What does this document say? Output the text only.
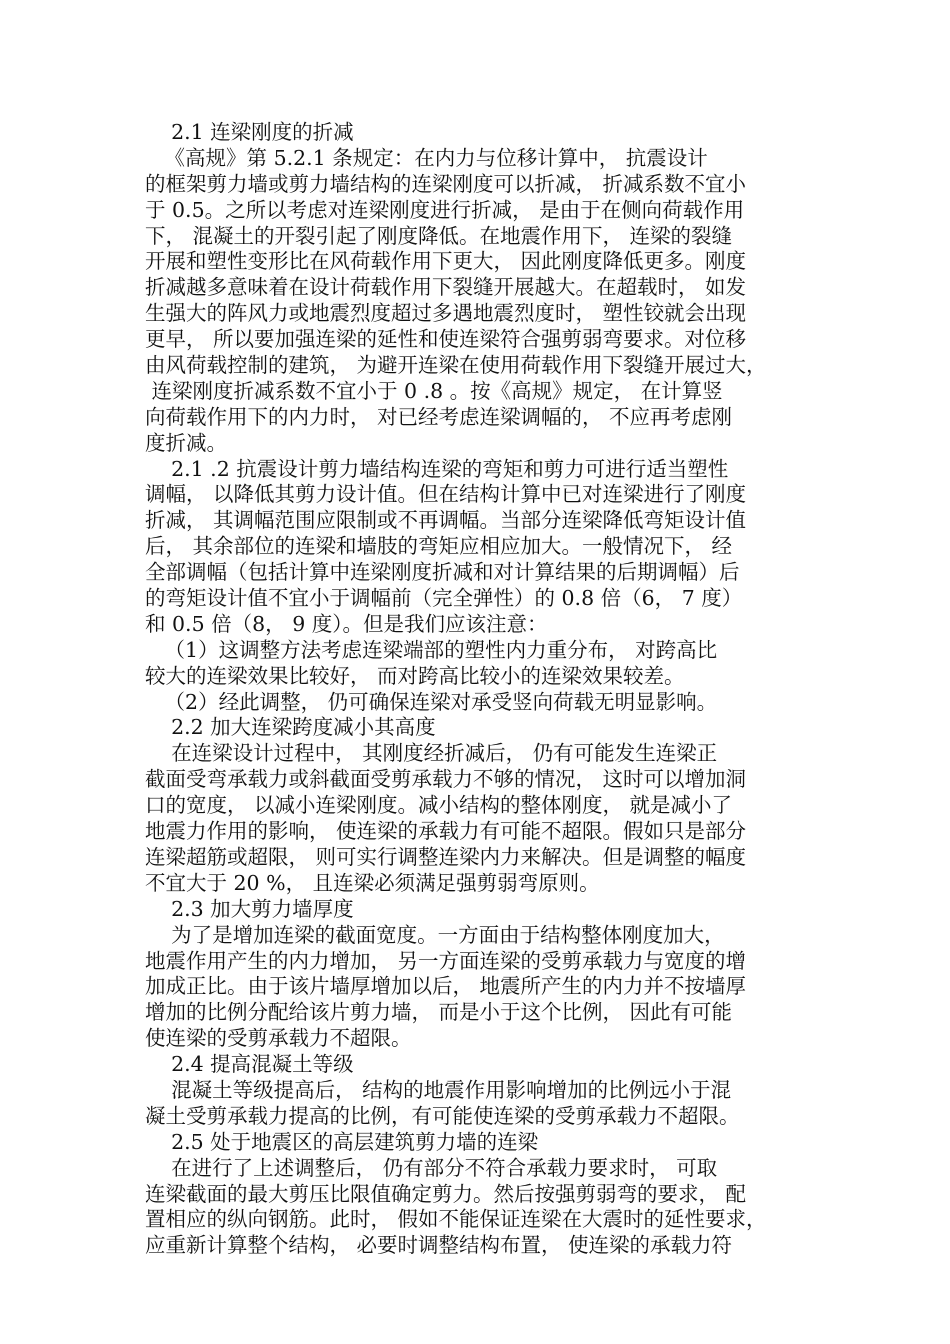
2.1 连梁刚度的折减
《高规》第 5.2.1 条规定：在内力与位移计算中， 抗震设计
的框架剪力墙或剪力墙结构的连梁刚度可以折减， 折减系数不宜小
于 0.5。之所以考虑对连梁刚度进行折减， 是由于在侧向荷载作用
下， 混凝土的开裂引起了刚度降低。在地震作用下， 连梁的裂缝
开展和塑性变形比在风荷载作用下更大， 因此刚度降低更多。刚度
折减越多意味着在设计荷载作用下裂缝开展越大。在超载时， 如发
生强大的阵风力或地震烈度超过多遇地震烈度时， 塑性铰就会出现
更早， 所以要加强连梁的延性和使连梁符合强剪弱弯要求。对位移
由风荷载控制的建筑， 为避开连梁在使用荷载作用下裂缝开展过大，
连梁刚度折减系数不宜小于 0 .8 。按《高规》规定， 在计算竖
向荷载作用下的内力时， 对已经考虑连梁调幅的， 不应再考虑刚
度折减。
2.1 .2 抗震设计剪力墙结构连梁的弯矩和剪力可进行适当塑性
调幅， 以降低其剪力设计值。但在结构计算中已对连梁进行了刚度
折减， 其调幅范围应限制或不再调幅。当部分连梁降低弯矩设计值
后， 其余部位的连梁和墙肢的弯矩应相应加大。一般情况下， 经
全部调幅（包括计算中连梁刚度折减和对计算结果的后期调幅）后
的弯矩设计值不宜小于调幅前（完全弹性）的 0.8 倍（6， 7 度）
和 0.5 倍（8， 9 度）。但是我们应该注意：
（1）这调整方法考虑连梁端部的塑性内力重分布， 对跨高比
较大的连梁效果比较好， 而对跨高比较小的连梁效果较差。
（2）经此调整， 仍可确保连梁对承受竖向荷载无明显影响。
2.2 加大连梁跨度减小其高度
在连梁设计过程中， 其刚度经折减后， 仍有可能发生连梁正
截面受弯承载力或斜截面受剪承载力不够的情况， 这时可以增加洞
口的宽度， 以减小连梁刚度。减小结构的整体刚度， 就是减小了
地震力作用的影响， 使连梁的承载力有可能不超限。假如只是部分
连梁超筋或超限， 则可实行调整连梁内力来解决。但是调整的幅度
不宜大于 20 %， 且连梁必须满足强剪弱弯原则。
2.3 加大剪力墙厚度
为了是增加连梁的截面宽度。一方面由于结构整体刚度加大，
地震作用产生的内力增加， 另一方面连梁的受剪承载力与宽度的增
加成正比。由于该片墙厚增加以后， 地震所产生的内力并不按墙厚
增加的比例分配给该片剪力墙， 而是小于这个比例， 因此有可能
使连梁的受剪承载力不超限。
2.4 提高混凝土等级
混凝土等级提高后， 结构的地震作用影响增加的比例远小于混
凝土受剪承载力提高的比例，有可能使连梁的受剪承载力不超限。
2.5 处于地震区的高层建筑剪力墙的连梁
在进行了上述调整后， 仍有部分不符合承载力要求时， 可取
连梁截面的最大剪压比限值确定剪力。然后按强剪弱弯的要求， 配
置相应的纵向钢筋。此时， 假如不能保证连梁在大震时的延性要求，
应重新计算整个结构， 必要时调整结构布置， 使连梁的承载力符
